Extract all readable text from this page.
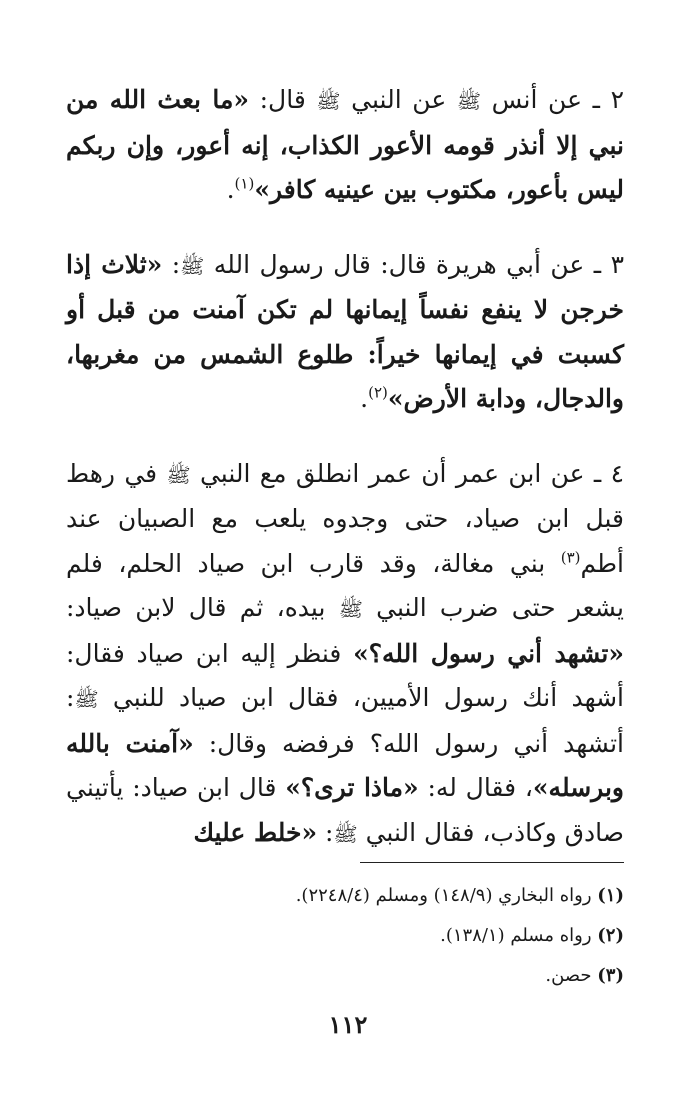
٢ ـ عن أنس ﷺ عن النبي ﷺ قال: «ما بعث الله من نبي إلا أنذر قومه الأعور الكذاب، إنه أعور، وإن ربكم ليس بأعور، مكتوب بين عينيه كافر»$^{(١)}$.

٣ ـ عن أبي هريرة قال: قال رسول الله ﷺ: «ثلاث إذا خرجن لا ينفع نفساً إيمانها لم تكن آمنت من قبل أو كسبت في إيمانها خيراً: طلوع الشمس من مغربها، والدجال، ودابة الأرض»$^{(٢)}$.

٤ ـ عن ابن عمر أن عمر انطلق مع النبي ﷺ في رهط قبل ابن صياد، حتى وجدوه يلعب مع الصبيان عند أطم$^{(٣)}$ بني مغالة، وقد قارب ابن صياد الحلم، فلم يشعر حتى ضرب النبي ﷺ بيده، ثم قال لابن صياد: «تشهد أني رسول الله؟» فنظر إليه ابن صياد فقال: أشهد أنك رسول الأميين، فقال ابن صياد للنبي ﷺ: أتشهد أني رسول الله؟ فرفضه وقال: «آمنت بالله وبرسله»، فقال له: «ماذا ترى؟» قال ابن صياد: يأتيني صادق وكاذب، فقال النبي ﷺ: «خلط عليك

(١) رواه البخاري (١٤٨/٩) ومسلم (٢٢٤٨/٤).
(٢) رواه مسلم (١٣٨/١).
(٣) حصن.
١١٢
